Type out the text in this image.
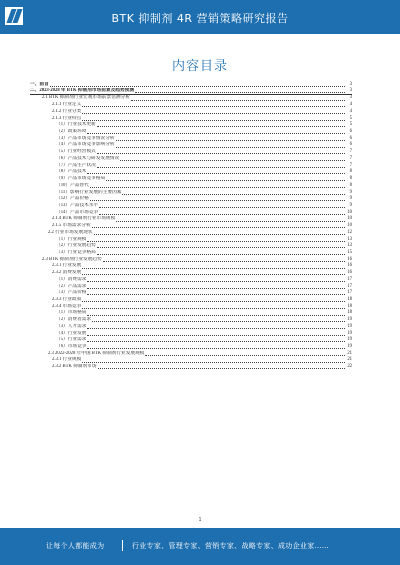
BTK 抑制剂 4R 营销策略研究报告
内容目录
一、前言	3
二、2023-2028 年 BTK 抑制剂市场前景及趋势预测	3
2.1 BTK 抑制剂行业宏观市场前景估测分析	3
2.1.1 行业定义	4
2.1.2 行业分类	4
2.1.3 行业特点	5
（1）行业技术更新	5
（2）政策环境	6
（3）产品市场竞争情况分析	6
（4）产品市场竞争影响分析	6
（5）行业经营模式	7
（6）产品技术与研发发展情况	7
（7）产品生产状况	7
（8）产品技术	8
（9）产品市场竞争格局	8
（10）产品替代	8
（11）影响行业发展的主要因素	9
（12）产品价格	9
（13）产品技术水平	9
（14）产品市场竞争	10
2.1.4 BTK 抑制剂行业市场规模	10
2.1.5 市场需求分析	10
2.2 行业市场发展现状	12
（1）行业规模	13
（2）行业发展趋势	13
（3）行业竞争格局	15
2.3 BTK 抑制剂行业发展趋势	16
2.3.1 行业发展	16
2.3.2 消费发展	16
（1）消费需求	17
（2）产品需求	17
（3）产品价格	17
2.3.3 行业政策	18
2.3.4 市场竞争	18
（1）市场格局	18
（2）消费者需求	19
（3）人才需求	19
（4）行业发展	19
（5）行业需求	19
（6）市场竞争	19
2.3 2022-2028 年中国 BTK 抑制剂行业发展规模	21
2.3.1 行业规模	21
2.3.2 BTK 抑制剂市场	22
1
让每个人都能成为	行业专家、管理专家、营销专家、战略专家、成功企业家……
